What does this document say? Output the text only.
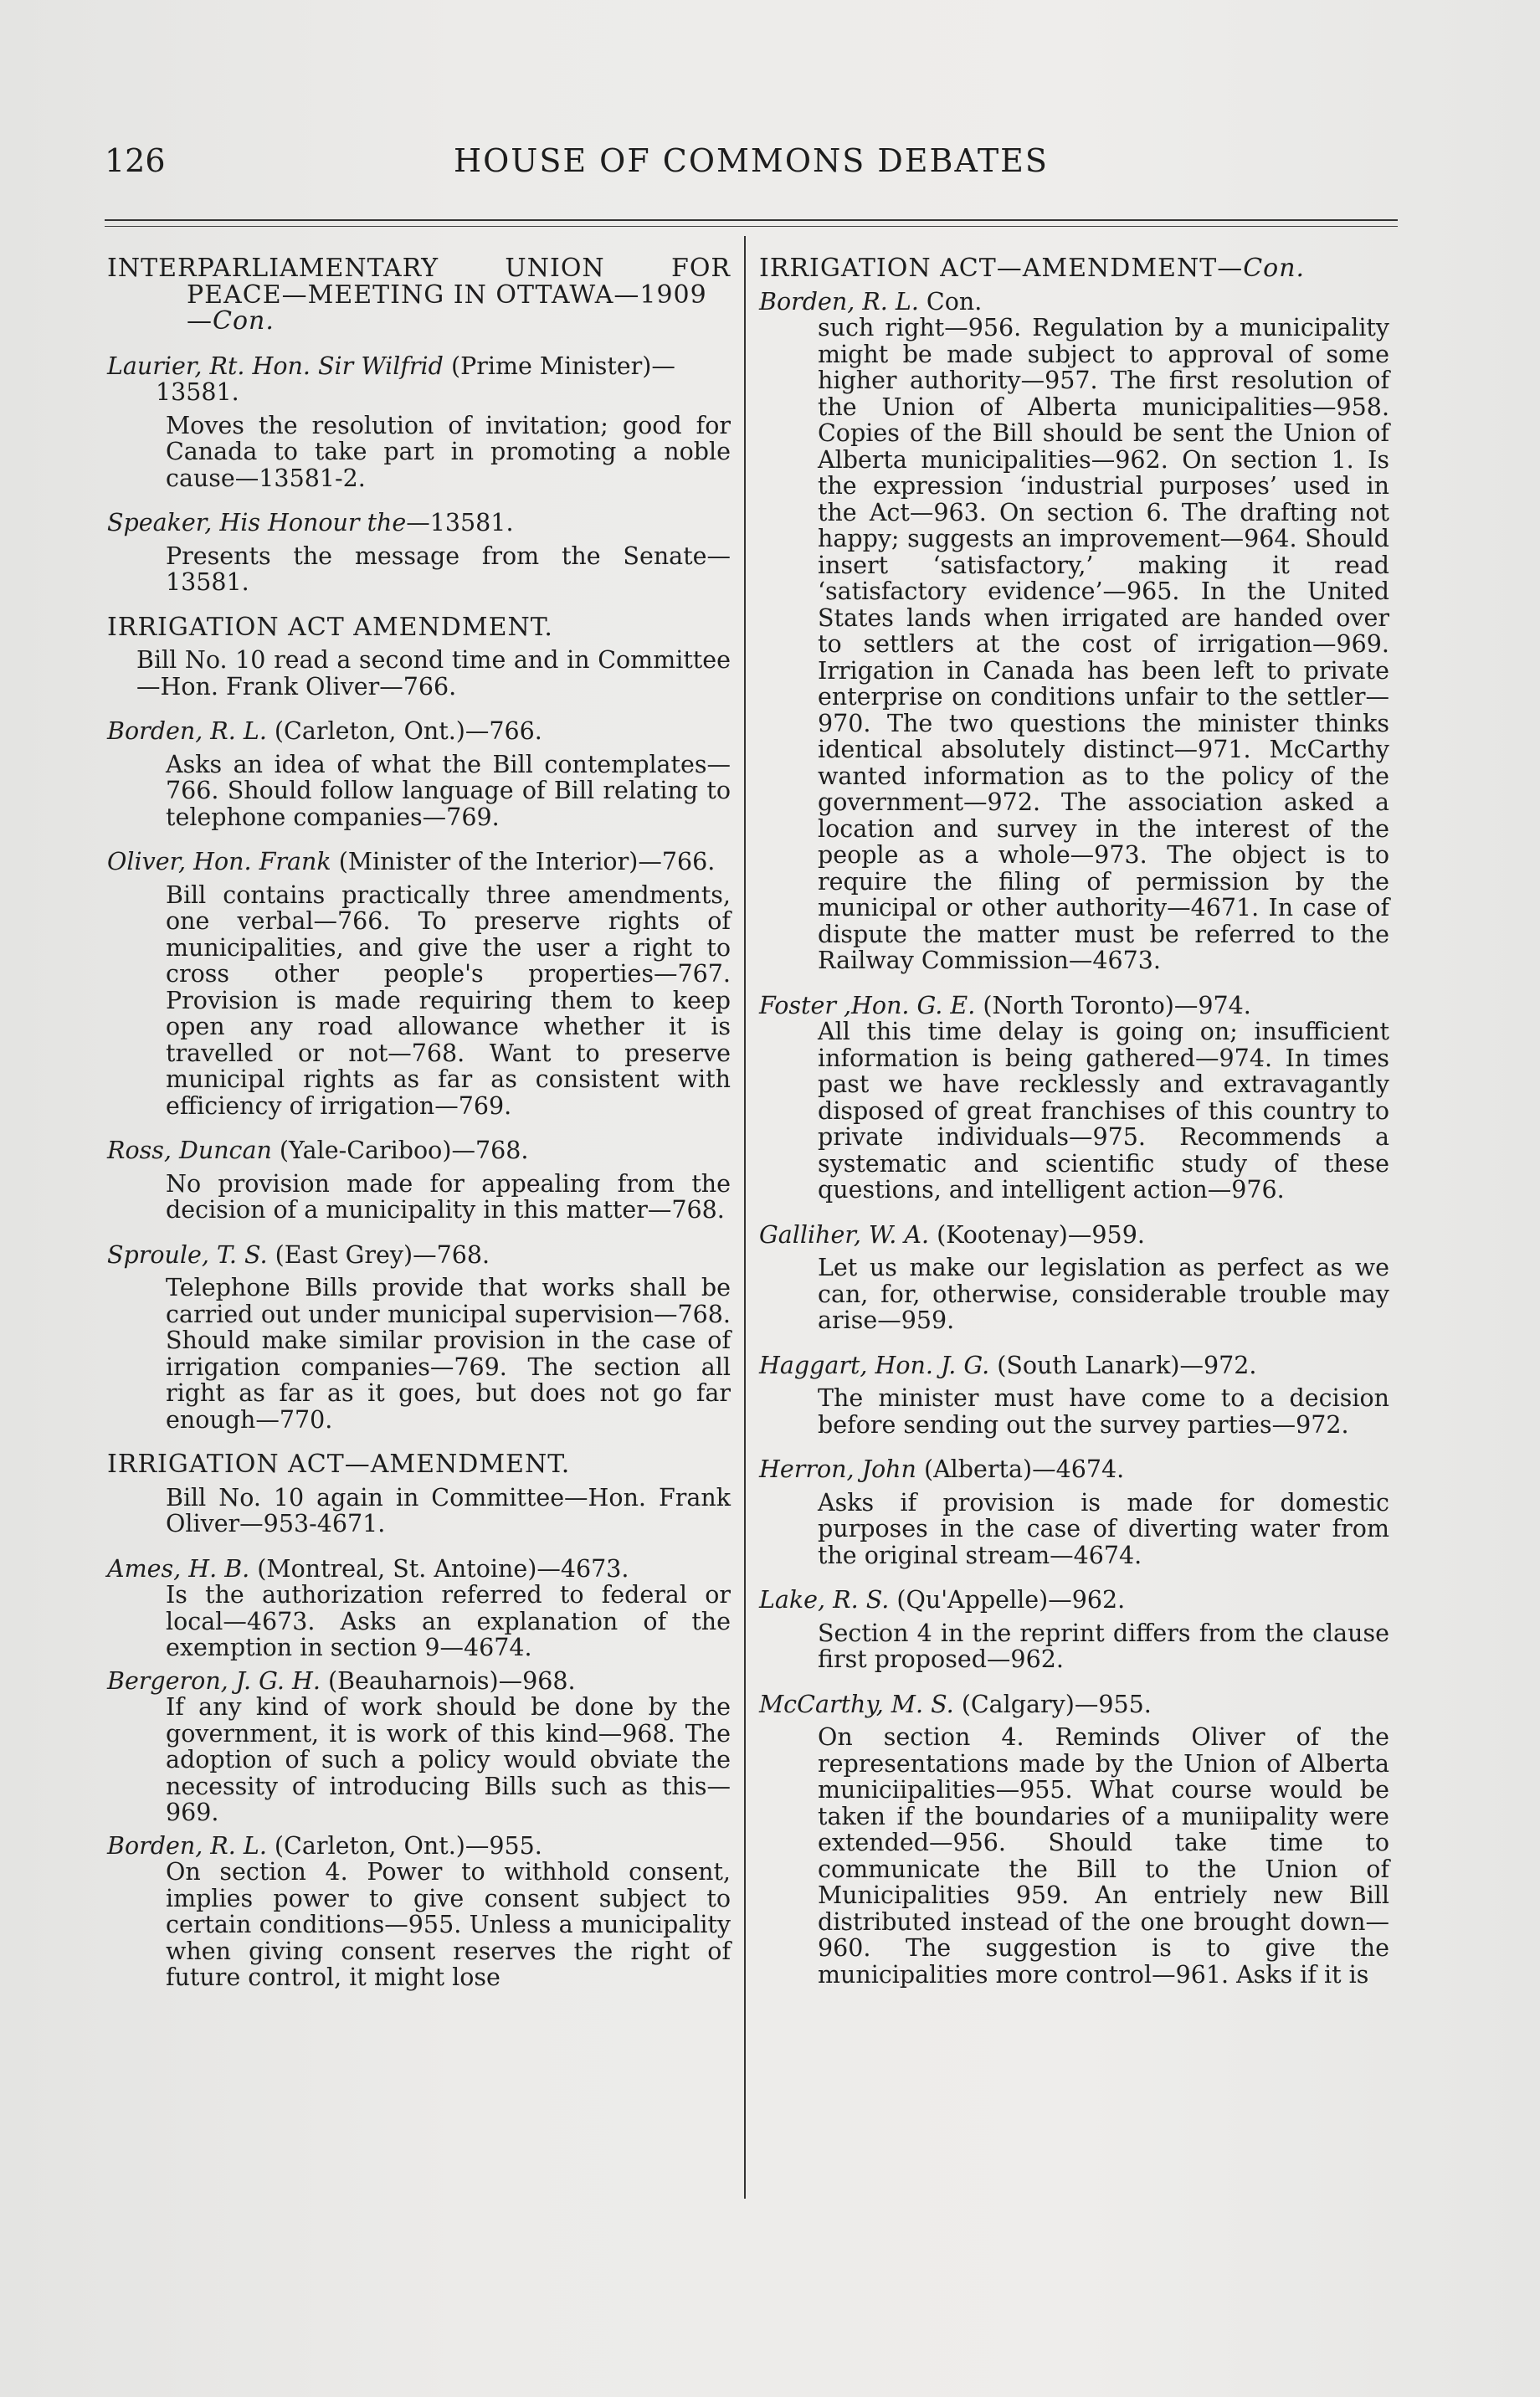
126	HOUSE OF COMMONS DEBATES

INTERPARLIAMENTARY UNION FOR

PEACE—MEETING IN OTTAWA—1909

—Con.

Laurier, Rt. Hon. Sir Wilfrid (Prime Minister)—13581.

Moves the resolution of invitation; good for Canada to take part in promoting a noble cause—13581-2.

Speaker, His Honour the—13581.

Presents the message from the Senate—13581.

IRRIGATION ACT AMENDMENT.

Bill No. 10 read a second time and in Committee—Hon. Frank Oliver—766.

Borden, R. L. (Carleton, Ont.)—766.

Asks an idea of what the Bill contemplates—766. Should follow language of Bill relating to telephone companies—769.

Oliver, Hon. Frank (Minister of the Interior)—766.

Bill contains practically three amendments, one verbal—766. To preserve rights of municipalities, and give the user a right to cross other people's properties—767. Provision is made requiring them to keep open any road allowance whether it is travelled or not—768. Want to preserve municipal rights as far as consistent with efficiency of irrigation—769.

Ross, Duncan (Yale-Cariboo)—768.

No provision made for appealing from the decision of a municipality in this matter—768.

Sproule, T. S. (East Grey)—768.

Telephone Bills provide that works shall be carried out under municipal supervision—768. Should make similar provision in the case of irrigation companies—769. The section all right as far as it goes, but does not go far enough—770.

IRRIGATION ACT—AMENDMENT.

Bill No. 10 again in Committee—Hon. Frank Oliver—953-4671.

Ames, H. B. (Montreal, St. Antoine)—4673.

Is the authorization referred to federal or local—4673. Asks an explanation of the exemption in section 9—4674.

Bergeron, J. G. H. (Beauharnois)—968.

If any kind of work should be done by the government, it is work of this kind—968. The adoption of such a policy would obviate the necessity of introducing Bills such as this—969.

Borden, R. L. (Carleton, Ont.)—955.

On section 4. Power to withhold consent, implies power to give consent subject to certain conditions—955. Unless a municipality when giving consent reserves the right of future control, it might lose

IRRIGATION ACT—AMENDMENT—Con.

Borden, R. L. Con.

such right—956. Regulation by a municipality might be made subject to approval of some higher authority—957. The first resolution of the Union of Alberta municipalities—958. Copies of the Bill should be sent the Union of Alberta municipalities—962. On section 1. Is the expression ‘industrial purposes’ used in the Act—963. On section 6. The drafting not happy; suggests an improvement—964. Should insert ‘satisfactory,’ making it read ‘satisfactory evidence’—965. In the United States lands when irrigated are handed over to settlers at the cost of irrigation—969. Irrigation in Canada has been left to private enterprise on conditions unfair to the settler—970. The two questions the minister thinks identical absolutely distinct—971. McCarthy wanted information as to the policy of the government—972. The association asked a location and survey in the interest of the people as a whole—973. The object is to require the filing of permission by the municipal or other authority—4671. In case of dispute the matter must be referred to the Railway Commission—4673.

Foster ,Hon. G. E. (North Toronto)—974.

All this time delay is going on; insufficient information is being gathered—974. In times past we have recklessly and extravagantly disposed of great franchises of this country to private individuals—975. Recommends a systematic and scientific study of these questions, and intelligent action—976.

Galliher, W. A. (Kootenay)—959.

Let us make our legislation as perfect as we can, for, otherwise, considerable trouble may arise—959.

Haggart, Hon. J. G. (South Lanark)—972.

The minister must have come to a decision before sending out the survey parties—972.

Herron, John (Alberta)—4674.

Asks if provision is made for domestic purposes in the case of diverting water from the original stream—4674.

Lake, R. S. (Qu'Appelle)—962.

Section 4 in the reprint differs from the clause first proposed—962.

McCarthy, M. S. (Calgary)—955.

On section 4. Reminds Oliver of the representations made by the Union of Alberta municiipalities—955. What course would be taken if the boundaries of a muniipality were extended—956. Should take time to communicate the Bill to the Union of Municipalities 959. An entriely new Bill distributed instead of the one brought down—960. The suggestion is to give the municipalities more control—961. Asks if it is
